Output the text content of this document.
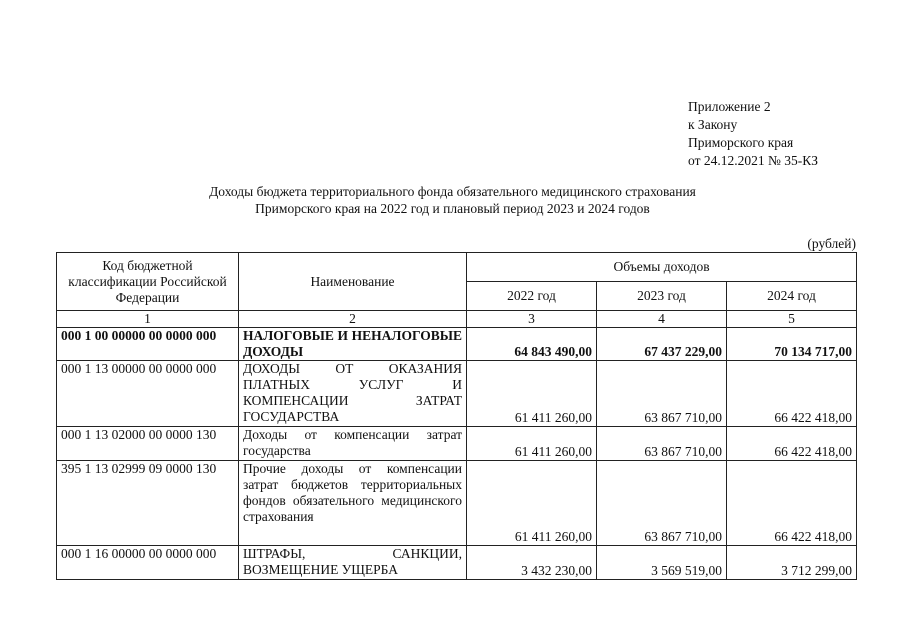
Приложение 2
к Закону
Приморского края
от 24.12.2021 № 35-КЗ
Доходы бюджета территориального фонда обязательного медицинского страхования
Приморского края на 2022 год и плановый период 2023 и 2024 годов
(рублей)
Код бюджетной классификации Российской Федерации	Наименование	Объемы доходов		
		2022 год	2023 год	2024 год
1	2	3	4	5
000 1 00 00000 00 0000 000	НАЛОГОВЫЕ И НЕНАЛОГОВЫЕ ДОХОДЫ	64 843 490,00	67 437 229,00	70 134 717,00
000 1 13 00000 00 0000 000	ДОХОДЫ ОТ ОКАЗАНИЯ ПЛАТНЫХ УСЛУГ И КОМПЕНСАЦИИ ЗАТРАТ ГОСУДАРСТВА	61 411 260,00	63 867 710,00	66 422 418,00
000 1 13 02000 00 0000 130	Доходы от компенсации затрат государства	61 411 260,00	63 867 710,00	66 422 418,00
395 1 13 02999 09 0000 130	Прочие доходы от компенсации затрат бюджетов территориальных фондов обязательного медицинского страхования	61 411 260,00	63 867 710,00	66 422 418,00
000 1 16 00000 00 0000 000	ШТРАФЫ, САНКЦИИ, ВОЗМЕЩЕНИЕ УЩЕРБА	3 432 230,00	3 569 519,00	3 712 299,00
